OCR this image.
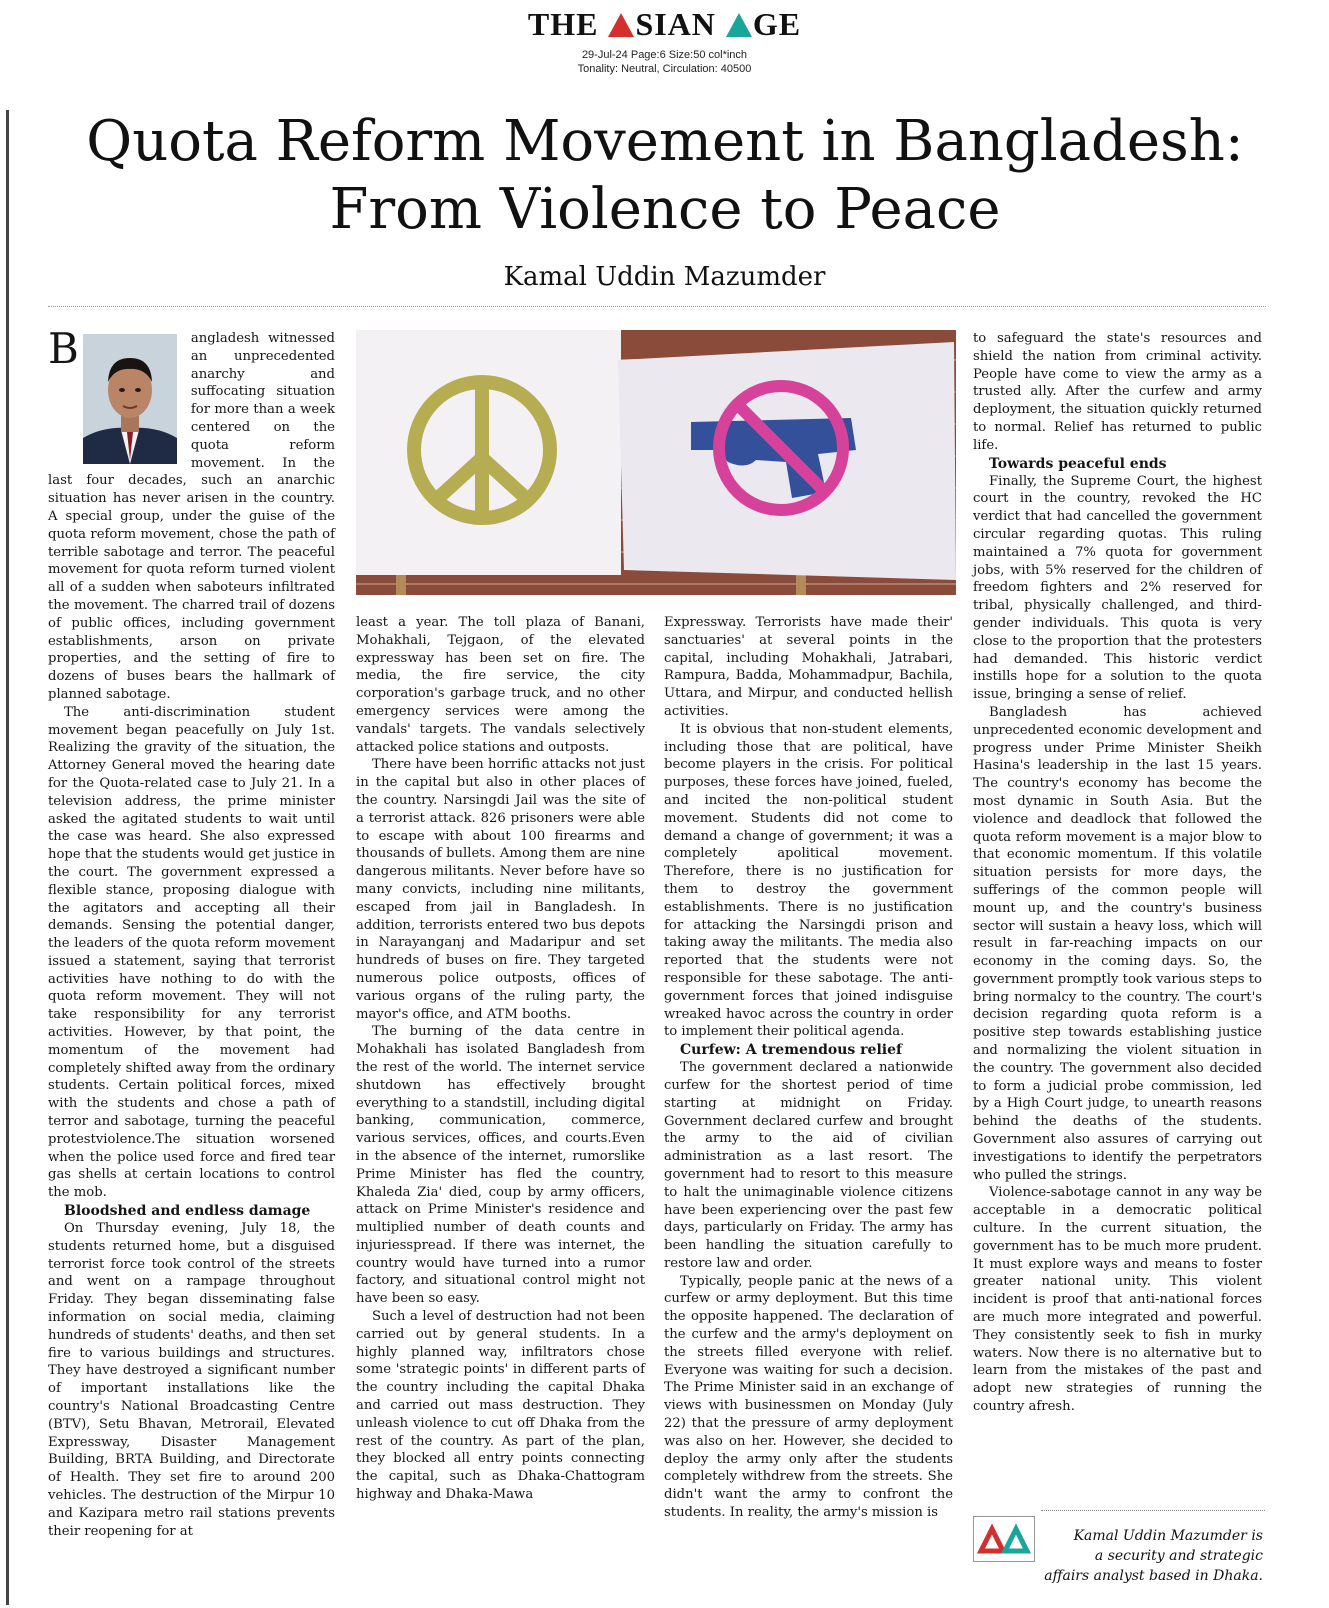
THE SIAN GE
29-Jul-24 Page:6 Size:50 col*inch
Tonality: Neutral, Circulation: 40500
Quota Reform Movement in Bangladesh:
From Violence to Peace
Kamal Uddin Mazumder

B	angladesh witnessed an unprecedented anarchy and suffocating situation for more than a week centered on the quota reform movement. In the last four decades, such an anarchic situation has never arisen in the country. A special group, under the guise of the quota reform movement, chose the path of terrible sabotage and terror. The peaceful movement for quota reform turned violent all of a sudden when saboteurs infiltrated the movement. The charred trail of dozens of public offices, including government establishments, arson on private properties, and the setting of fire to dozens of buses bears the hallmark of planned sabotage.

The anti-discrimination student movement began peacefully on July 1st. Realizing the gravity of the situation, the Attorney General moved the hearing date for the Quota-related case to July 21. In a television address, the prime minister asked the agitated students to wait until the case was heard. She also expressed hope that the students would get justice in the court. The government expressed a flexible stance, proposing dialogue with the agitators and accepting all their demands. Sensing the potential danger, the leaders of the quota reform movement issued a statement, saying that terrorist activities have nothing to do with the quota reform movement. They will not take responsibility for any terrorist activities. However, by that point, the momentum of the movement had completely shifted away from the ordinary students. Certain political forces, mixed with the students and chose a path of terror and sabotage, turning the peaceful protestviolence.The situation worsened when the police used force and fired tear gas shells at certain locations to control the mob.

Bloodshed and endless damage

On Thursday evening, July 18, the students returned home, but a disguised terrorist force took control of the streets and went on a rampage throughout Friday. They began disseminating false information on social media, claiming hundreds of students' deaths, and then set fire to various buildings and structures. They have destroyed a significant number of important installations like the country's National Broadcasting Centre (BTV), Setu Bhavan, Metrorail, Elevated Expressway, Disaster Management Building, BRTA Building, and Directorate of Health. They set fire to around 200 vehicles. The destruction of the Mirpur 10 and Kazipara metro rail stations prevents their reopening for at

least a year. The toll plaza of Banani, Mohakhali, Tejgaon, of the elevated expressway has been set on fire. The media, the fire service, the city corporation's garbage truck, and no other emergency services were among the vandals' targets. The vandals selectively attacked police stations and outposts.

There have been horrific attacks not just in the capital but also in other places of the country. Narsingdi Jail was the site of a terrorist attack. 826 prisoners were able to escape with about 100 firearms and thousands of bullets. Among them are nine dangerous militants. Never before have so many convicts, including nine militants, escaped from jail in Bangladesh. In addition, terrorists entered two bus depots in Narayanganj and Madaripur and set hundreds of buses on fire. They targeted numerous police outposts, offices of various organs of the ruling party, the mayor's office, and ATM booths.

The burning of the data centre in Mohakhali has isolated Bangladesh from the rest of the world. The internet service shutdown has effectively brought everything to a standstill, including digital banking, communication, commerce, various services, offices, and courts.Even in the absence of the internet, rumorslike Prime Minister has fled the country, Khaleda Zia' died, coup by army officers, attack on Prime Minister's residence and multiplied number of death counts and injuriesspread. If there was internet, the country would have turned into a rumor factory, and situational control might not have been so easy.

Such a level of destruction had not been carried out by general students. In a highly planned way, infiltrators chose some 'strategic points' in different parts of the country including the capital Dhaka and carried out mass destruction. They unleash violence to cut off Dhaka from the rest of the country. As part of the plan, they blocked all entry points connecting the capital, such as Dhaka-Chattogram highway and Dhaka-Mawa

Expressway. Terrorists have made their' sanctuaries' at several points in the capital, including Mohakhali, Jatrabari, Rampura, Badda, Mohammadpur, Bachila, Uttara, and Mirpur, and conducted hellish activities.

It is obvious that non-student elements, including those that are political, have become players in the crisis. For political purposes, these forces have joined, fueled, and incited the non-political student movement. Students did not come to demand a change of government; it was a completely apolitical movement. Therefore, there is no justification for them to destroy the government establishments. There is no justification for attacking the Narsingdi prison and taking away the militants. The media also reported that the students were not responsible for these sabotage. The anti-government forces that joined indisguise wreaked havoc across the country in order to implement their political agenda.

Curfew: A tremendous relief

The government declared a nationwide curfew for the shortest period of time starting at midnight on Friday. Government declared curfew and brought the army to the aid of civilian administration as a last resort. The government had to resort to this measure to halt the unimaginable violence citizens have been experiencing over the past few days, particularly on Friday. The army has been handling the situation carefully to restore law and order.

Typically, people panic at the news of a curfew or army deployment. But this time the opposite happened. The declaration of the curfew and the army's deployment on the streets filled everyone with relief. Everyone was waiting for such a decision. The Prime Minister said in an exchange of views with businessmen on Monday (July 22) that the pressure of army deployment was also on her. However, she decided to deploy the army only after the students completely withdrew from the streets. She didn't want the army to confront the students. In reality, the army's mission is

to safeguard the state's resources and shield the nation from criminal activity. People have come to view the army as a trusted ally. After the curfew and army deployment, the situation quickly returned to normal. Relief has returned to public life.

Towards peaceful ends

Finally, the Supreme Court, the highest court in the country, revoked the HC verdict that had cancelled the government circular regarding quotas. This ruling maintained a 7% quota for government jobs, with 5% reserved for the children of freedom fighters and 2% reserved for tribal, physically challenged, and third-gender individuals. This quota is very close to the proportion that the protesters had demanded. This historic verdict instills hope for a solution to the quota issue, bringing a sense of relief.

Bangladesh has achieved unprecedented economic development and progress under Prime Minister Sheikh Hasina's leadership in the last 15 years. The country's economy has become the most dynamic in South Asia. But the violence and deadlock that followed the quota reform movement is a major blow to that economic momentum. If this volatile situation persists for more days, the sufferings of the common people will mount up, and the country's business sector will sustain a heavy loss, which will result in far-reaching impacts on our economy in the coming days. So, the government promptly took various steps to bring normalcy to the country. The court's decision regarding quota reform is a positive step towards establishing justice and normalizing the violent situation in the country. The government also decided to form a judicial probe commission, led by a High Court judge, to unearth reasons behind the deaths of the students. Government also assures of carrying out investigations to identify the perpetrators who pulled the strings.

Violence-sabotage cannot in any way be acceptable in a democratic political culture. In the current situation, the government has to be much more prudent. It must explore ways and means to foster greater national unity. This violent incident is proof that anti-national forces are much more integrated and powerful. They consistently seek to fish in murky waters. Now there is no alternative but to learn from the mistakes of the past and adopt new strategies of running the country afresh.

Kamal Uddin Mazumder is
a security and strategic
affairs analyst based in Dhaka.
